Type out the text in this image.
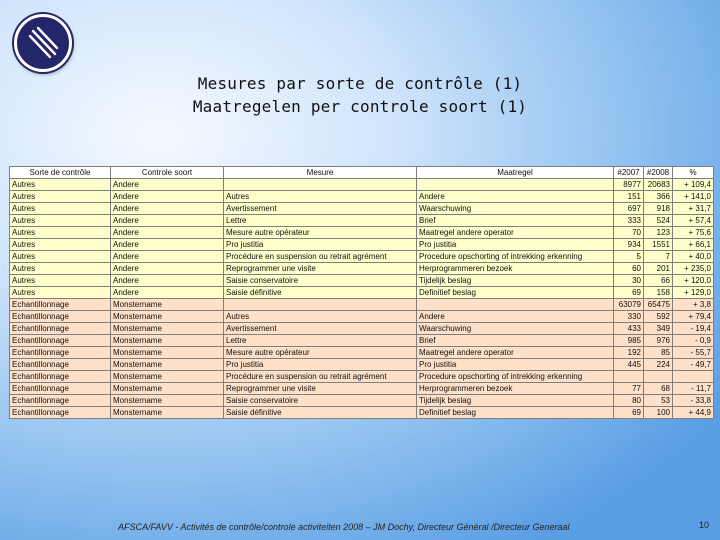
Mesures par sorte de contrôle (1)
Maatregelen per controle soort (1)
Sorte de contrôle	Controle soort	Mesure	Maatregel	#2007	#2008	%
Autres	Andere			8977	20683	+ 109,4
Autres	Andere	Autres	Andere	151	366	+ 141,0
Autres	Andere	Avertissement	Waarschuwing	697	918	+ 31,7
Autres	Andere	Lettre	Brief	333	524	+ 57,4
Autres	Andere	Mesure autre opérateur	Maatregel andere operator	70	123	+ 75,6
Autres	Andere	Pro justitia	Pro justitia	934	1551	+ 66,1
Autres	Andere	Procédure en suspension ou retrait agrément	Procedure opschorting of intrekking erkenning	5	7	+ 40,0
Autres	Andere	Reprogrammer une visite	Herprogrammeren bezoek	60	201	+ 235,0
Autres	Andere	Saisie conservatoire	Tijdelijk beslag	30	66	+ 120,0
Autres	Andere	Saisie définitive	Definitief beslag	69	158	+ 129,0
Echantillonnage	Monstername			63079	65475	+ 3,8
Echantillonnage	Monstername	Autres	Andere	330	592	+ 79,4
Echantillonnage	Monstername	Avertissement	Waarschuwing	433	349	- 19,4
Echantillonnage	Monstername	Lettre	Brief	985	976	- 0,9
Echantillonnage	Monstername	Mesure autre opérateur	Maatregel andere operator	192	85	- 55,7
Echantillonnage	Monstername	Pro justitia	Pro justitia	445	224	- 49,7
Echantillonnage	Monstername	Procédure en suspension ou retrait agrément	Procedure opschorting of intrekking erkenning			
Echantillonnage	Monstername	Reprogrammer une visite	Herprogrammeren bezoek	77	68	- 11,7
Echantillonnage	Monstername	Saisie conservatoire	Tijdelijk beslag	80	53	- 33,8
Echantillonnage	Monstername	Saisie définitive	Definitief beslag	69	100	+ 44,9
AFSCA/FAVV - Activités de contrôle/controle activiteiten 2008 – JM Dochy, Directeur Général /Directeur Generaal	10
